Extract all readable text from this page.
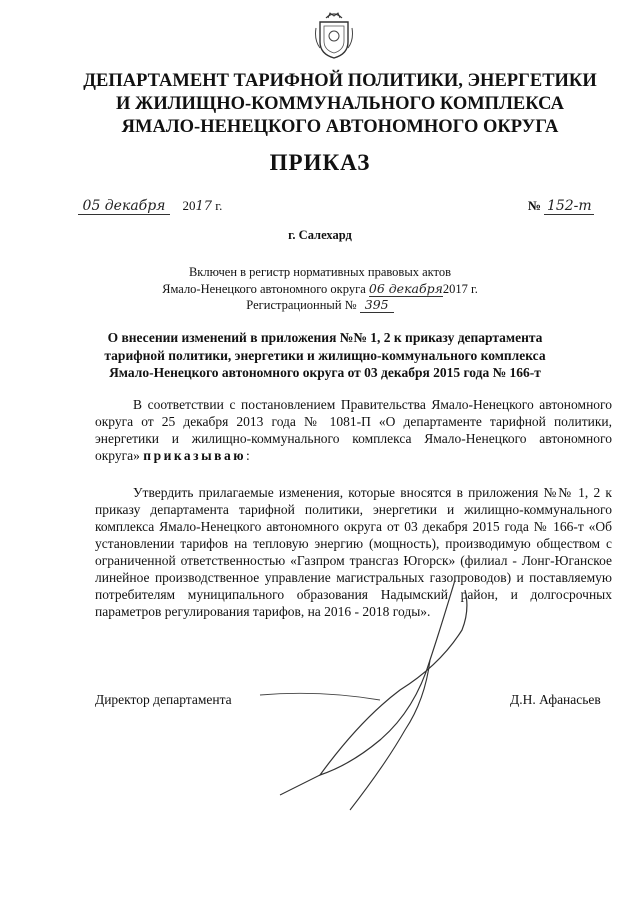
ДЕПАРТАМЕНТ ТАРИФНОЙ ПОЛИТИКИ, ЭНЕРГЕТИКИ
И ЖИЛИЩНО-КОММУНАЛЬНОГО КОМПЛЕКСА
ЯМАЛО-НЕНЕЦКОГО АВТОНОМНОГО ОКРУГА
ПРИКАЗ
05 декабря 2017 г.	№ 152-т
г. Салехард
Включен в регистр нормативных правовых актов
Ямало-Ненецкого автономного округа 06 декабря2017 г.
Регистрационный № 395
О внесении изменений в приложения №№ 1, 2 к приказу департамента
тарифной политики, энергетики и жилищно-коммунального комплекса
Ямало-Ненецкого автономного округа от 03 декабря 2015 года № 166-т

В соответствии с постановлением Правительства Ямало-Ненецкого автономного округа от 25 декабря 2013 года № 1081-П «О департаменте тарифной политики, энергетики и жилищно-коммунального комплекса Ямало-Ненецкого автономного округа» приказываю:

Утвердить прилагаемые изменения, которые вносятся в приложения №№ 1, 2 к приказу департамента тарифной политики, энергетики и жилищно-коммунального комплекса Ямало-Ненецкого автономного округа от 03 декабря 2015 года № 166-т «Об установлении тарифов на тепловую энергию (мощность), производимую обществом с ограниченной ответственностью «Газпром трансгаз Югорск» (филиал - Лонг-Юганское линейное производственное управление магистральных газопроводов) и поставляемую потребителям муниципального образования Надымский район, и долгосрочных параметров регулирования тарифов, на 2016 - 2018 годы».

Директор департамента	Д.Н. Афанасьев
